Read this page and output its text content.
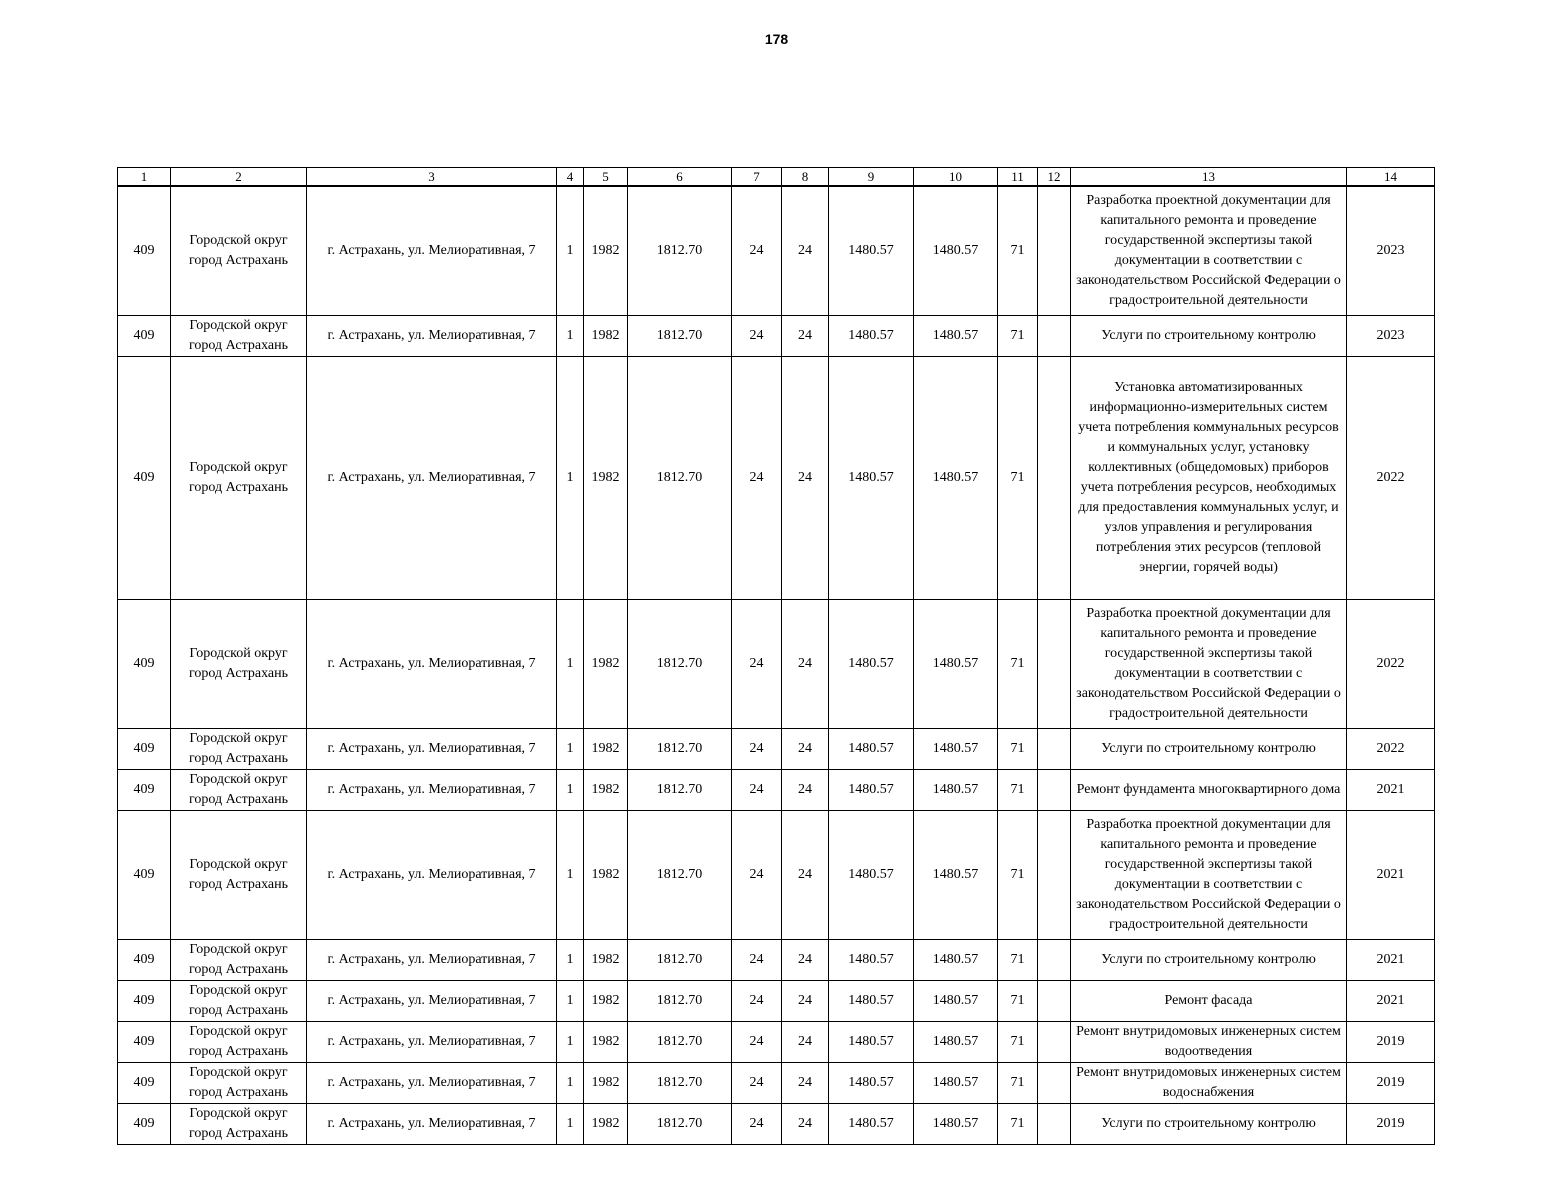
178
1	2	3	4	5	6	7	8	9	10	11	12	13	14
409	Городской округ город Астрахань	г. Астрахань, ул. Мелиоративная, 7	1	1982	1812.70	24	24	1480.57	1480.57	71		Разработка проектной документации для капитального ремонта и проведение государственной экспертизы такой документации в соответствии с законодательством Российской Федерации о градостроительной деятельности	2023
409	Городской округ город Астрахань	г. Астрахань, ул. Мелиоративная, 7	1	1982	1812.70	24	24	1480.57	1480.57	71		Услуги по строительному контролю	2023
409	Городской округ город Астрахань	г. Астрахань, ул. Мелиоративная, 7	1	1982	1812.70	24	24	1480.57	1480.57	71		Установка автоматизированных информационно-измерительных систем учета потребления коммунальных ресурсов и коммунальных услуг, установку коллективных (общедомовых) приборов учета потребления ресурсов, необходимых для предоставления коммунальных услуг, и узлов управления и регулирования потребления этих ресурсов (тепловой энергии, горячей воды)	2022
409	Городской округ город Астрахань	г. Астрахань, ул. Мелиоративная, 7	1	1982	1812.70	24	24	1480.57	1480.57	71		Разработка проектной документации для капитального ремонта и проведение государственной экспертизы такой документации в соответствии с законодательством Российской Федерации о градостроительной деятельности	2022
409	Городской округ город Астрахань	г. Астрахань, ул. Мелиоративная, 7	1	1982	1812.70	24	24	1480.57	1480.57	71		Услуги по строительному контролю	2022
409	Городской округ город Астрахань	г. Астрахань, ул. Мелиоративная, 7	1	1982	1812.70	24	24	1480.57	1480.57	71		Ремонт фундамента многоквартирного дома	2021
409	Городской округ город Астрахань	г. Астрахань, ул. Мелиоративная, 7	1	1982	1812.70	24	24	1480.57	1480.57	71		Разработка проектной документации для капитального ремонта и проведение государственной экспертизы такой документации в соответствии с законодательством Российской Федерации о градостроительной деятельности	2021
409	Городской округ город Астрахань	г. Астрахань, ул. Мелиоративная, 7	1	1982	1812.70	24	24	1480.57	1480.57	71		Услуги по строительному контролю	2021
409	Городской округ город Астрахань	г. Астрахань, ул. Мелиоративная, 7	1	1982	1812.70	24	24	1480.57	1480.57	71		Ремонт фасада	2021
409	Городской округ город Астрахань	г. Астрахань, ул. Мелиоративная, 7	1	1982	1812.70	24	24	1480.57	1480.57	71		Ремонт внутридомовых инженерных систем водоотведения	2019
409	Городской округ город Астрахань	г. Астрахань, ул. Мелиоративная, 7	1	1982	1812.70	24	24	1480.57	1480.57	71		Ремонт внутридомовых инженерных систем водоснабжения	2019
409	Городской округ город Астрахань	г. Астрахань, ул. Мелиоративная, 7	1	1982	1812.70	24	24	1480.57	1480.57	71		Услуги по строительному контролю	2019
